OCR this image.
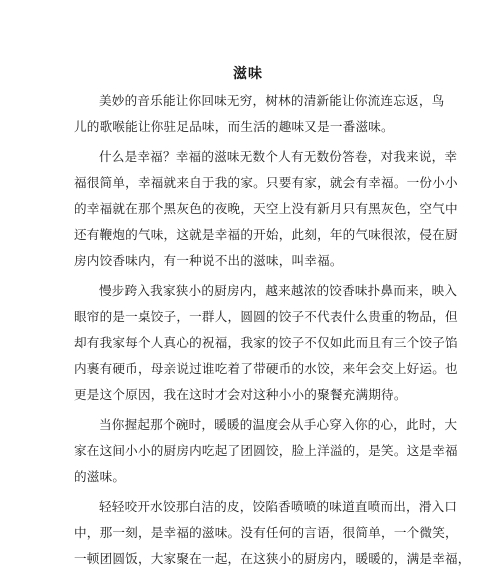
滋味
美妙的音乐能让你回味无穷，树林的清新能让你流连忘返，鸟
儿的歌喉能让你驻足品味，而生活的趣味又是一番滋味。
什么是幸福？幸福的滋味无数个人有无数份答卷，对我来说，幸
福很简单，幸福就来自于我的家。只要有家，就会有幸福。一份小小
的幸福就在那个黑灰色的夜晚，天空上没有新月只有黑灰色，空气中
还有鞭炮的气味，这就是幸福的开始，此刻，年的气味很浓，侵在厨
房内饺香味内，有一种说不出的滋味，叫幸福。
慢步跨入我家狭小的厨房内，越来越浓的饺香味扑鼻而来，映入
眼帘的是一桌饺子，一群人，圆圆的饺子不代表什么贵重的物品，但
却有我家每个人真心的祝福，我家的饺子不仅如此而且有三个饺子馅
内裹有硬币，母亲说过谁吃着了带硬币的水饺，来年会交上好运。也
更是这个原因，我在这时才会对这种小小的聚餐充满期待。
当你握起那个碗时，暖暖的温度会从手心穿入你的心，此时，大
家在这间小小的厨房内吃起了团圆饺，脸上洋溢的，是笑。这是幸福
的滋味。
轻轻咬开水饺那白洁的皮，饺陷香喷喷的味道直喷而出，滑入口
中，那一刻，是幸福的滋味。没有任何的言语，很简单，一个微笑，
一顿团圆饭，大家聚在一起，在这狭小的厨房内，暖暖的，满是幸福，
